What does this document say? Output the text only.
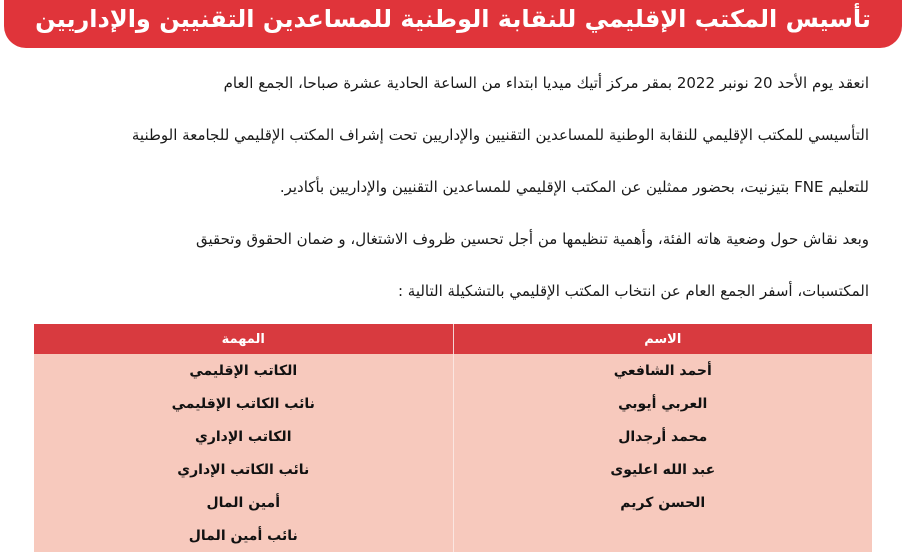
تأسيس المكتب الإقليمي للنقابة الوطنية للمساعدين التقنيين والإداريين
انعقد يوم الأحد 20 نونبر 2022 بمقر مركز أتيك ميديا ابتداء من الساعة الحادية عشرة صباحا، الجمع العام
التأسيسي للمكتب الإقليمي للنقابة الوطنية للمساعدين التقنيين والإداريين تحت إشراف المكتب الإقليمي للجامعة الوطنية
للتعليم FNE بتيزنيت، بحضور ممثلين عن المكتب الإقليمي للمساعدين التقنيين والإداريين بأكادير.
وبعد نقاش حول وضعية هاته الفئة، وأهمية تنظيمها من أجل تحسين ظروف الاشتغال، و ضمان الحقوق وتحقيق
المكتسبات، أسفر الجمع العام عن انتخاب المكتب الإقليمي بالتشكيلة التالية :
الاسم	المهمة
أحمد الشافعي	الكاتب الإقليمي
العربي أيوبي	نائب الكاتب الإقليمي
محمد أرجدال	الكاتب الإداري
عبد الله اعليوى	نائب الكاتب الإداري
الحسن كريم	أمين المال
	نائب أمين المال
